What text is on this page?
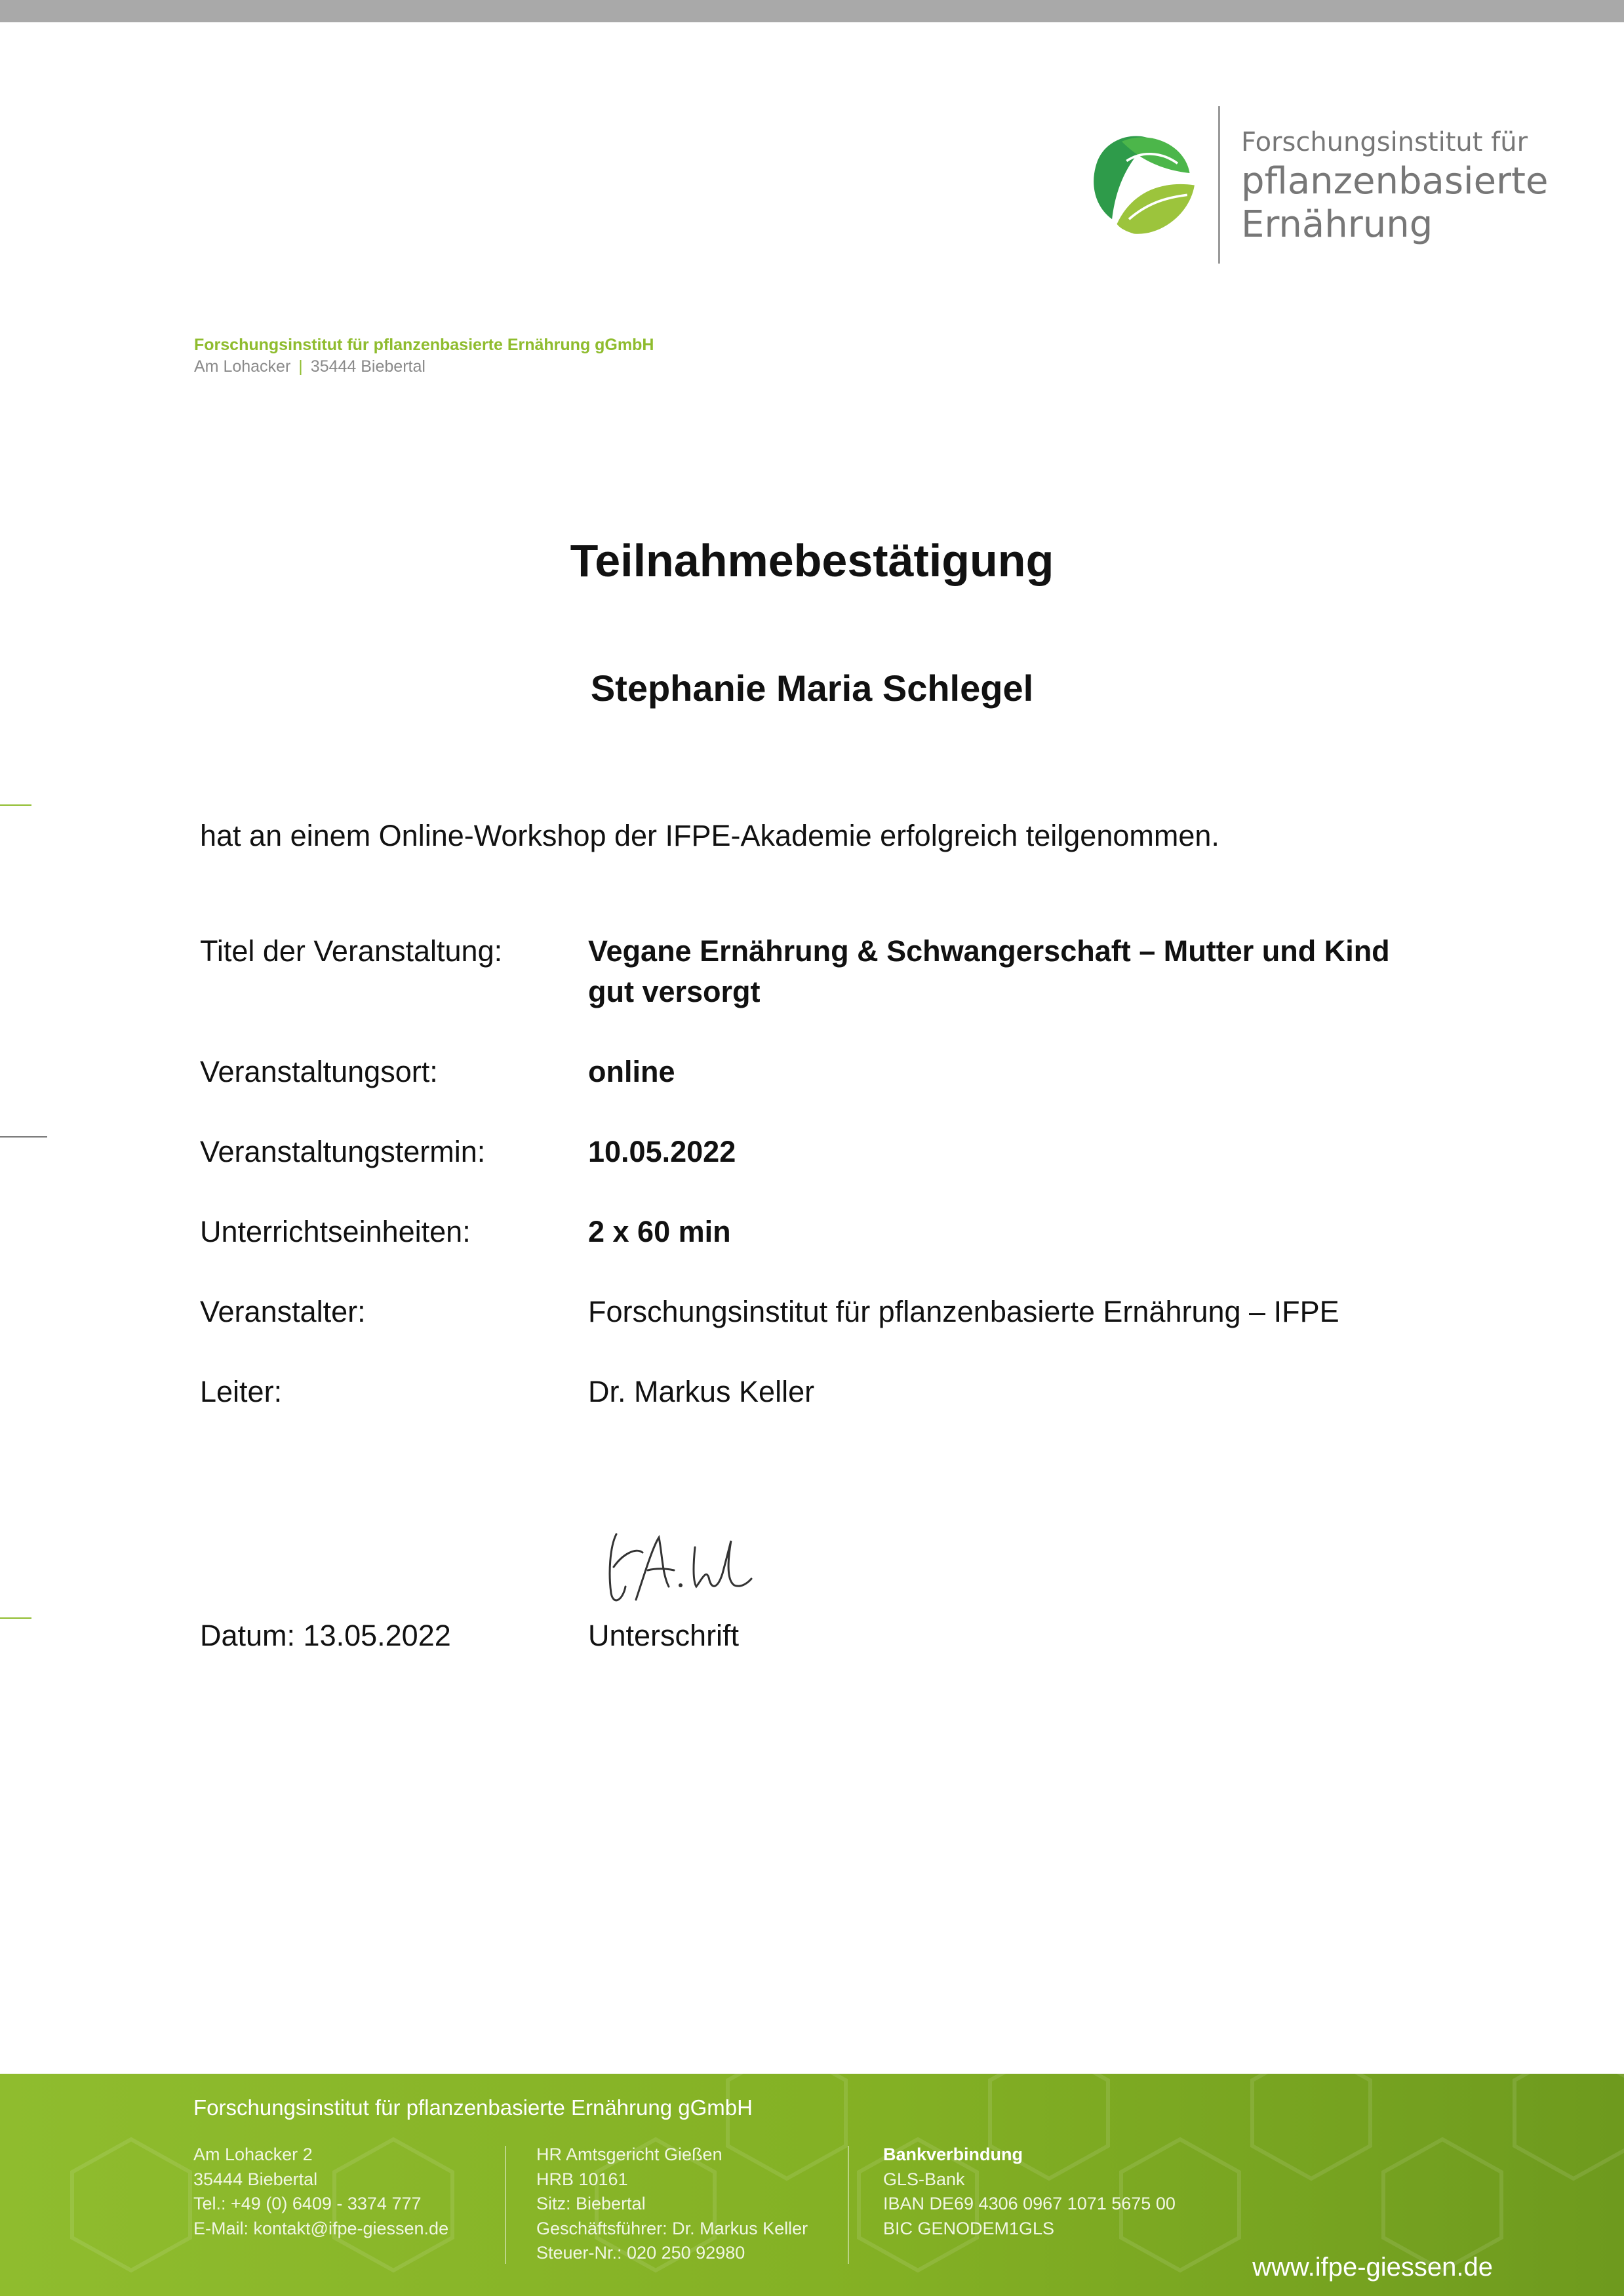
Forschungsinstitut für
pflanzenbasierte
Ernährung
Forschungsinstitut für pflanzenbasierte Ernährung gGmbH
Am Lohacker | 35444 Biebertal
Teilnahmebestätigung
Stephanie Maria Schlegel
hat an einem Online-Workshop der IFPE-Akademie erfolgreich teilgenommen.
Titel der Veranstaltung:	Vegane Ernährung & Schwangerschaft – Mutter und Kind gut versorgt
Veranstaltungsort:	online
Veranstaltungstermin:	10.05.2022
Unterrichtseinheiten:	2 x 60 min
Veranstalter:	Forschungsinstitut für pflanzenbasierte Ernährung – IFPE
Leiter:	Dr. Markus Keller
Datum: 13.05.2022	Unterschrift
Forschungsinstitut für pflanzenbasierte Ernährung gGmbH
Am Lohacker 2
35444 Biebertal
Tel.: +49 (0) 6409 - 3374 777
E-Mail: kontakt@ifpe-giessen.de
HR Amtsgericht Gießen
HRB 10161
Sitz: Biebertal
Geschäftsführer: Dr. Markus Keller
Steuer-Nr.: 020 250 92980
Bankverbindung
GLS-Bank
IBAN DE69 4306 0967 1071 5675 00
BIC GENODEM1GLS
www.ifpe-giessen.de
